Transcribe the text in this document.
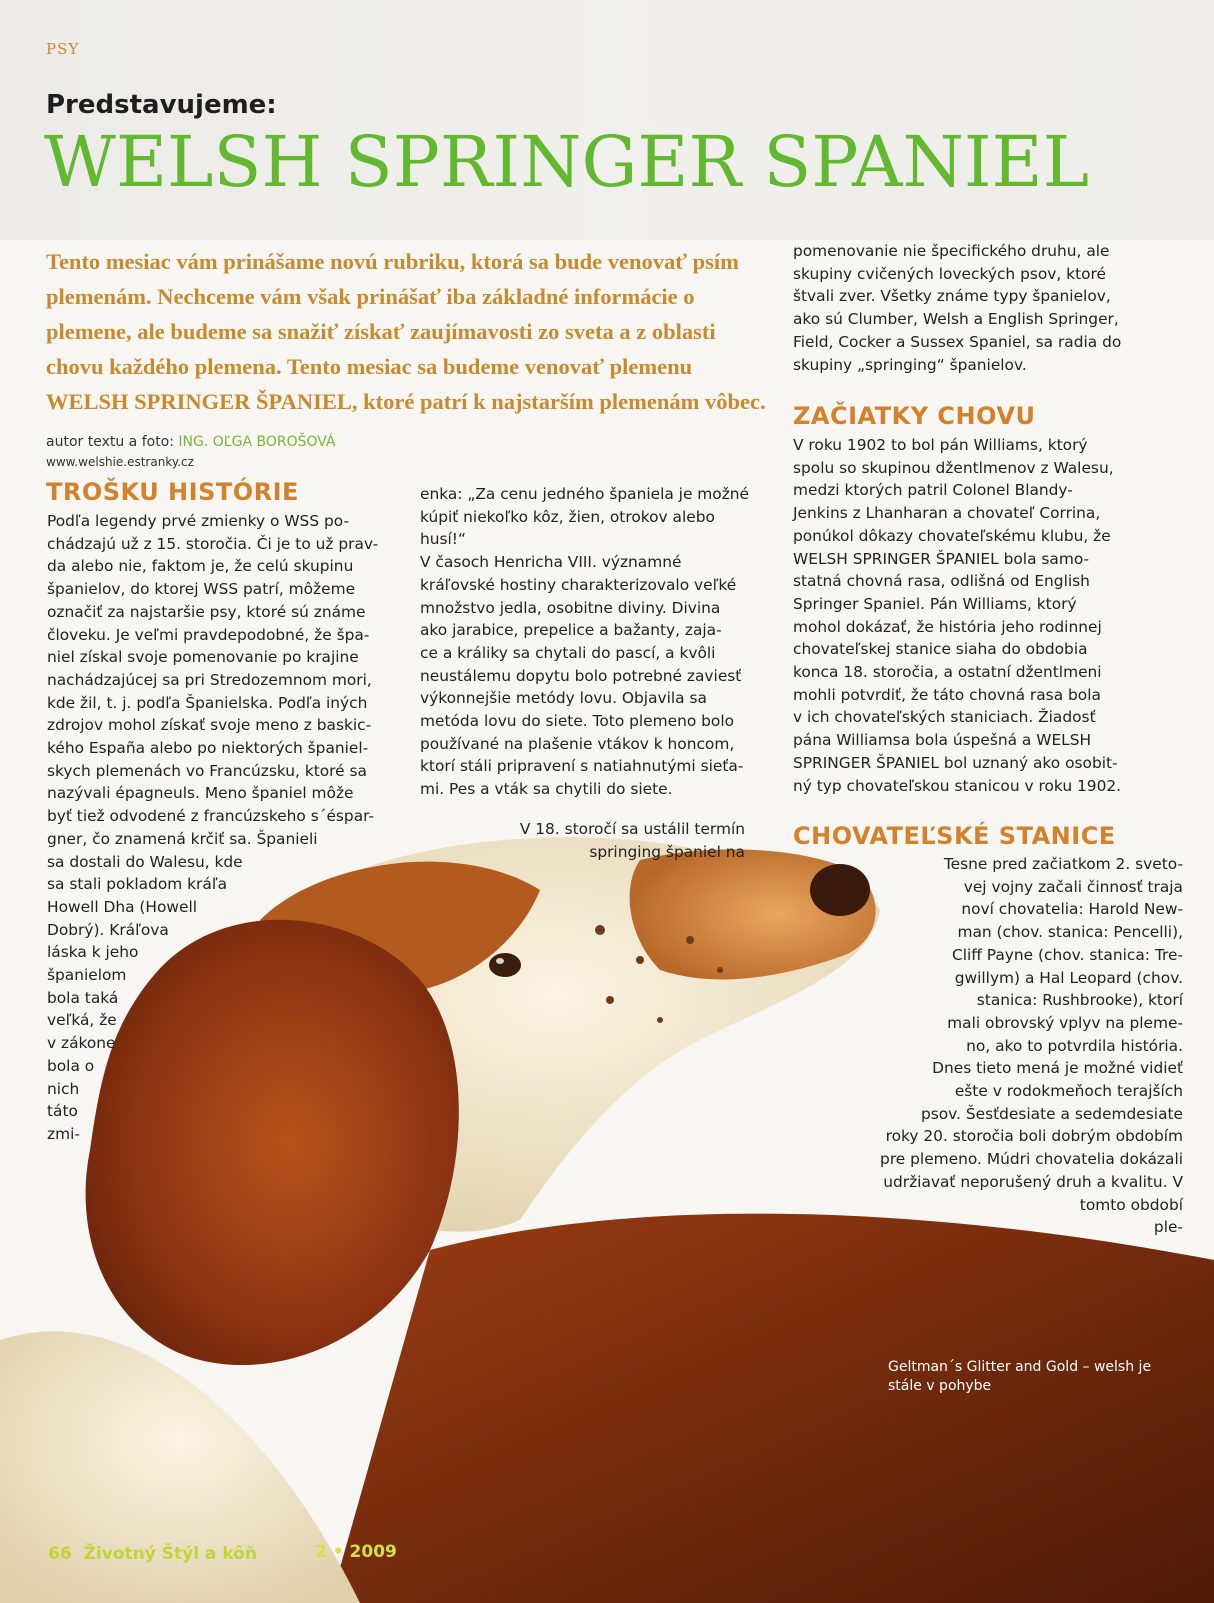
PSY
Predstavujeme:
WELSH SPRINGER SPANIEL
Tento mesiac vám prinášame novú rubriku, ktorá sa bude venovať psím plemenám. Nechceme vám však prinášať iba základné informácie o plemene, ale budeme sa snažiť získať zaujímavosti zo sveta a z oblasti chovu každého plemena. Tento mesiac sa budeme venovať plemenu WELSH SPRINGER ŠPANIEL, ktoré patrí k najstarším plemenám vôbec.
autor textu a foto: ING. OĽGA BOROŠOVÁ
www.welshie.estranky.cz
TROŠKU HISTÓRIE

Podľa legendy prvé zmienky o WSS po-

chádzajú už z 15. storočia. Či je to už prav-

da alebo nie, faktom je, že celú skupinu

španielov, do ktorej WSS patrí, môžeme

označiť za najstaršie psy, ktoré sú známe

človeku. Je veľmi pravdepodobné, že špa-

niel získal svoje pomenovanie po krajine

nachádzajúcej sa pri Stredozemnom mori,

kde žil, t. j. podľa Španielska. Podľa iných

zdrojov mohol získať svoje meno z baskic-

kého España alebo po niektorých španiel-

skych plemenách vo Francúzsku, ktoré sa

nazývali épagneuls. Meno španiel môže

byť tiež odvodené z francúzskeho s´éspar-

gner, čo znamená krčiť sa. Španieli

sa dostali do Walesu, kde

sa stali pokladom kráľa

Howell Dha (Howell

Dobrý). Kráľova

láska k jeho

španielom

bola taká

veľká, že

v zákone

bola o

nich

táto

zmi-

enka: „Za cenu jedného španiela je možné

kúpiť niekoľko kôz, žien, otrokov alebo

husí!“

V časoch Henricha VIII. významné

kráľovské hostiny charakterizovalo veľké

množstvo jedla, osobitne diviny. Divina

ako jarabice, prepelice a bažanty, zaja-

ce a králiky sa chytali do pascí, a kvôli

neustálemu dopytu bolo potrebné zaviesť

výkonnejšie metódy lovu. Objavila sa

metóda lovu do siete. Toto plemeno bolo

používané na plašenie vtákov k honcom,

ktorí stáli pripravení s natiahnutými sieťa-

mi. Pes a vták sa chytili do siete.

V 18. storočí sa ustálil termín

springing španiel na

pomenovanie nie špecifického druhu, ale

skupiny cvičených loveckých psov, ktoré

štvali zver. Všetky známe typy španielov,

ako sú Clumber, Welsh a English Springer,

Field, Cocker a Sussex Spaniel, sa radia do

skupiny „springing“ španielov.

ZAČIATKY CHOVU

V roku 1902 to bol pán Williams, ktorý

spolu so skupinou džentlmenov z Walesu,

medzi ktorých patril Colonel Blandy-

Jenkins z Lhanharan a chovateľ Corrina,

ponúkol dôkazy chovateľskému klubu, že

WELSH SPRINGER ŠPANIEL bola samo-

statná chovná rasa, odlišná od English

Springer Spaniel. Pán Williams, ktorý

mohol dokázať, že história jeho rodinnej

chovateľskej stanice siaha do obdobia

konca 18. storočia, a ostatní džentlmeni

mohli potvrdiť, že táto chovná rasa bola

v ich chovateľských staniciach. Žiadosť

pána Williamsa bola úspešná a WELSH

SPRINGER ŠPANIEL bol uznaný ako osobit-

ný typ chovateľskou stanicou v roku 1902.

CHOVATEĽSKÉ STANICE

Tesne pred začiatkom 2. sveto-

vej vojny začali činnosť traja

noví chovatelia: Harold New-

man (chov. stanica: Pencelli),

Cliff Payne (chov. stanica: Tre-

gwillym) a Hal Leopard (chov.

stanica: Rushbrooke), ktorí

mali obrovský vplyv na pleme-

no, ako to potvrdila história.

Dnes tieto mená je možné vidieť

ešte v rodokmeňoch terajších

psov. Šesťdesiate a sedemdesiate

roky 20. storočia boli dobrým obdobím

pre plemeno. Múdri chovatelia dokázali

udržiavať neporušený druh a kvalitu. V

tomto období

ple-

Geltman´s Glitter and Gold – welsh je stále v pohybe
66 Životný Štýl a kôň	2 • 2009
